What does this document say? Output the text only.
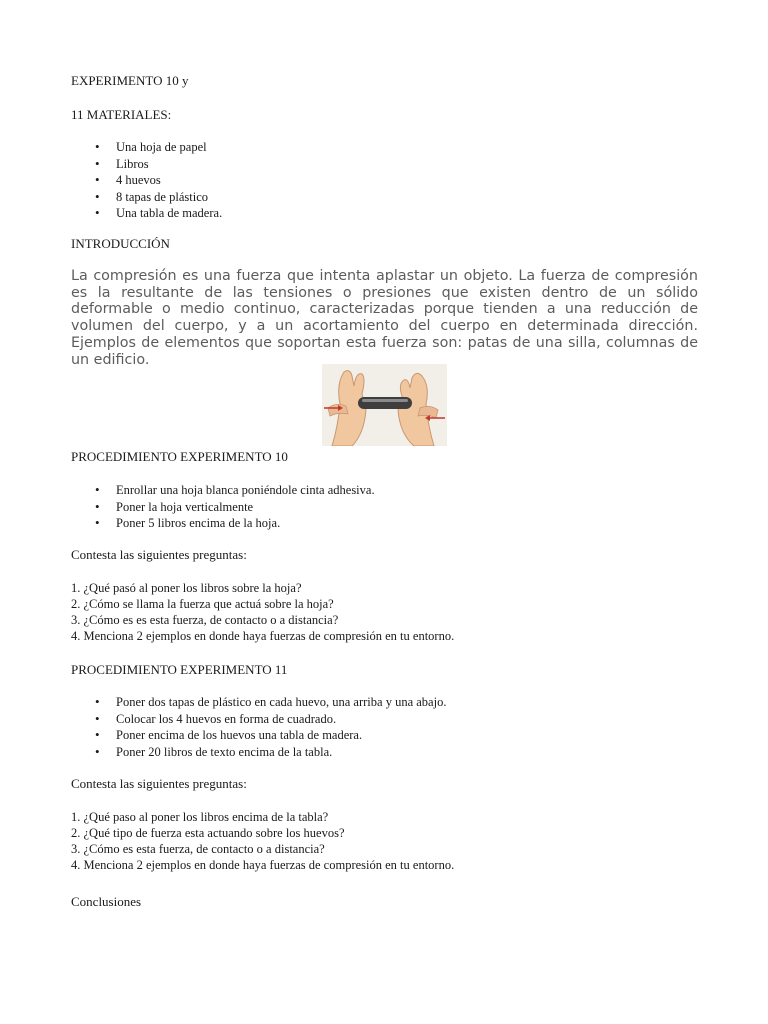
EXPERIMENTO 10 y
11 MATERIALES:
• Una hoja de papel
• Libros
• 4 huevos
• 8 tapas de plástico
• Una tabla de madera.
INTRODUCCIÓN

La compresión es una fuerza que intenta aplastar un objeto. La fuerza de compresión es la resultante de las tensiones o presiones que existen dentro de un sólido deformable o medio continuo, caracterizadas porque tienden a una reducción de volumen del cuerpo, y a un acortamiento del cuerpo en determinada dirección. Ejemplos de elementos que soportan esta fuerza son: patas de una silla, columnas de un edificio.

PROCEDIMIENTO EXPERIMENTO 10
• Enrollar una hoja blanca poniéndole cinta adhesiva.
• Poner la hoja verticalmente
• Poner 5 libros encima de la hoja.
Contesta las siguientes preguntas:
1. ¿Qué pasó al poner los libros sobre la hoja?
2. ¿Cómo se llama la fuerza que actuá sobre la hoja?
3. ¿Cómo es es esta fuerza, de contacto o a distancia?
4. Menciona 2 ejemplos en donde haya fuerzas de compresión en tu entorno.
PROCEDIMIENTO EXPERIMENTO 11
• Poner dos tapas de plástico en cada huevo, una arriba y una abajo.
• Colocar los 4 huevos en forma de cuadrado.
• Poner encima de los huevos una tabla de madera.
• Poner 20 libros de texto encima de la tabla.
Contesta las siguientes preguntas:
1. ¿Qué paso al poner los libros encima de la tabla?
2. ¿Qué tipo de fuerza esta actuando sobre los huevos?
3. ¿Cómo es esta fuerza, de contacto o a distancia?
4. Menciona 2 ejemplos en donde haya fuerzas de compresión en tu entorno.
Conclusiones
